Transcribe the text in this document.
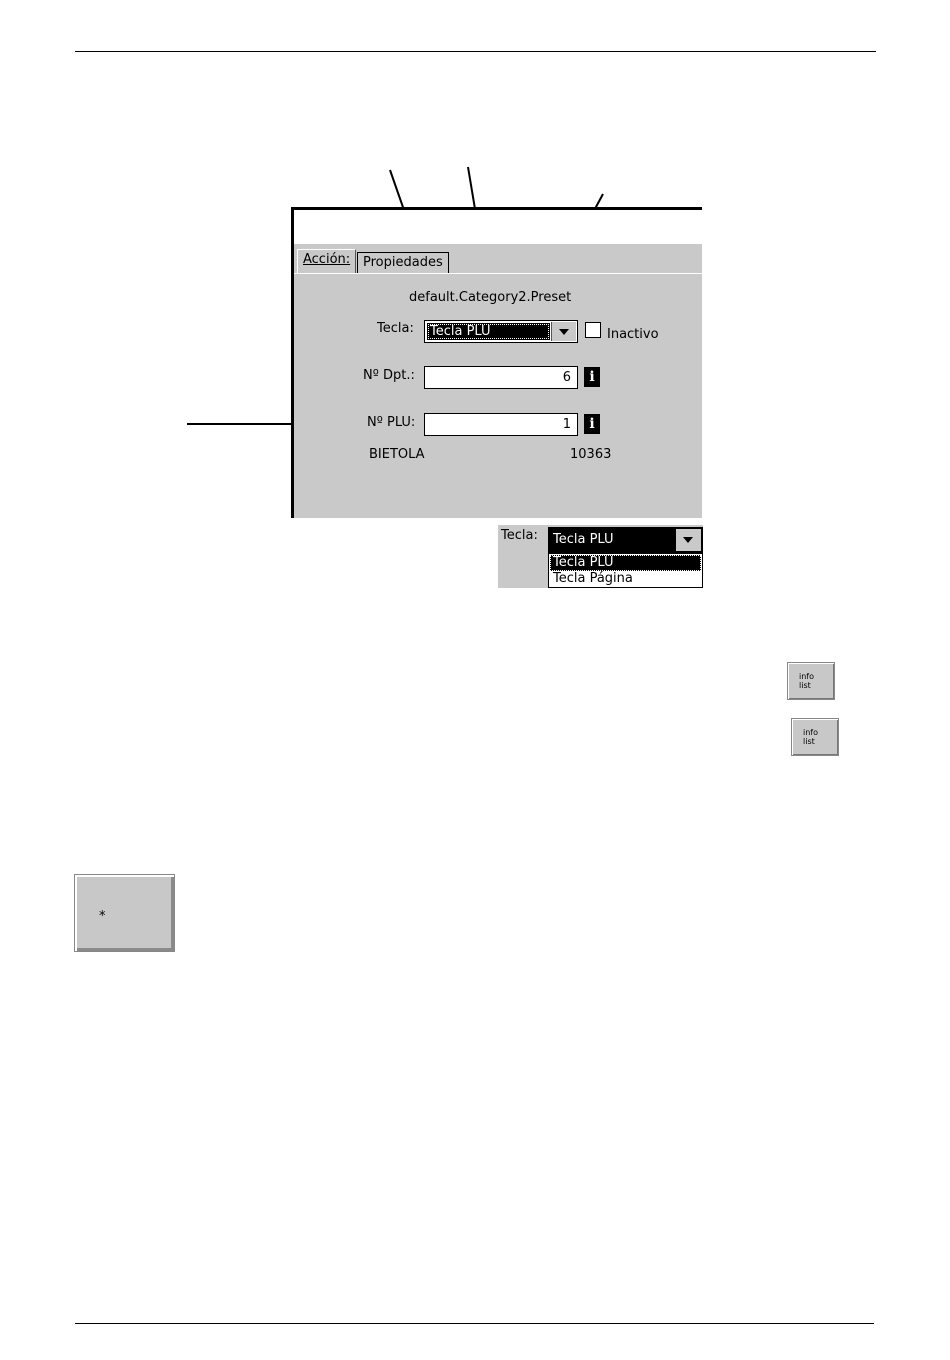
Acción: Propiedades
default.Category2.Preset
Tecla: Tecla PLU	Inactivo
Nº Dpt.:	6	i
Nº PLU:	1	i
BIETOLA	10363
Tecla: Tecla PLU
Tecla PLU
Tecla Página
info
list
info
list
*
